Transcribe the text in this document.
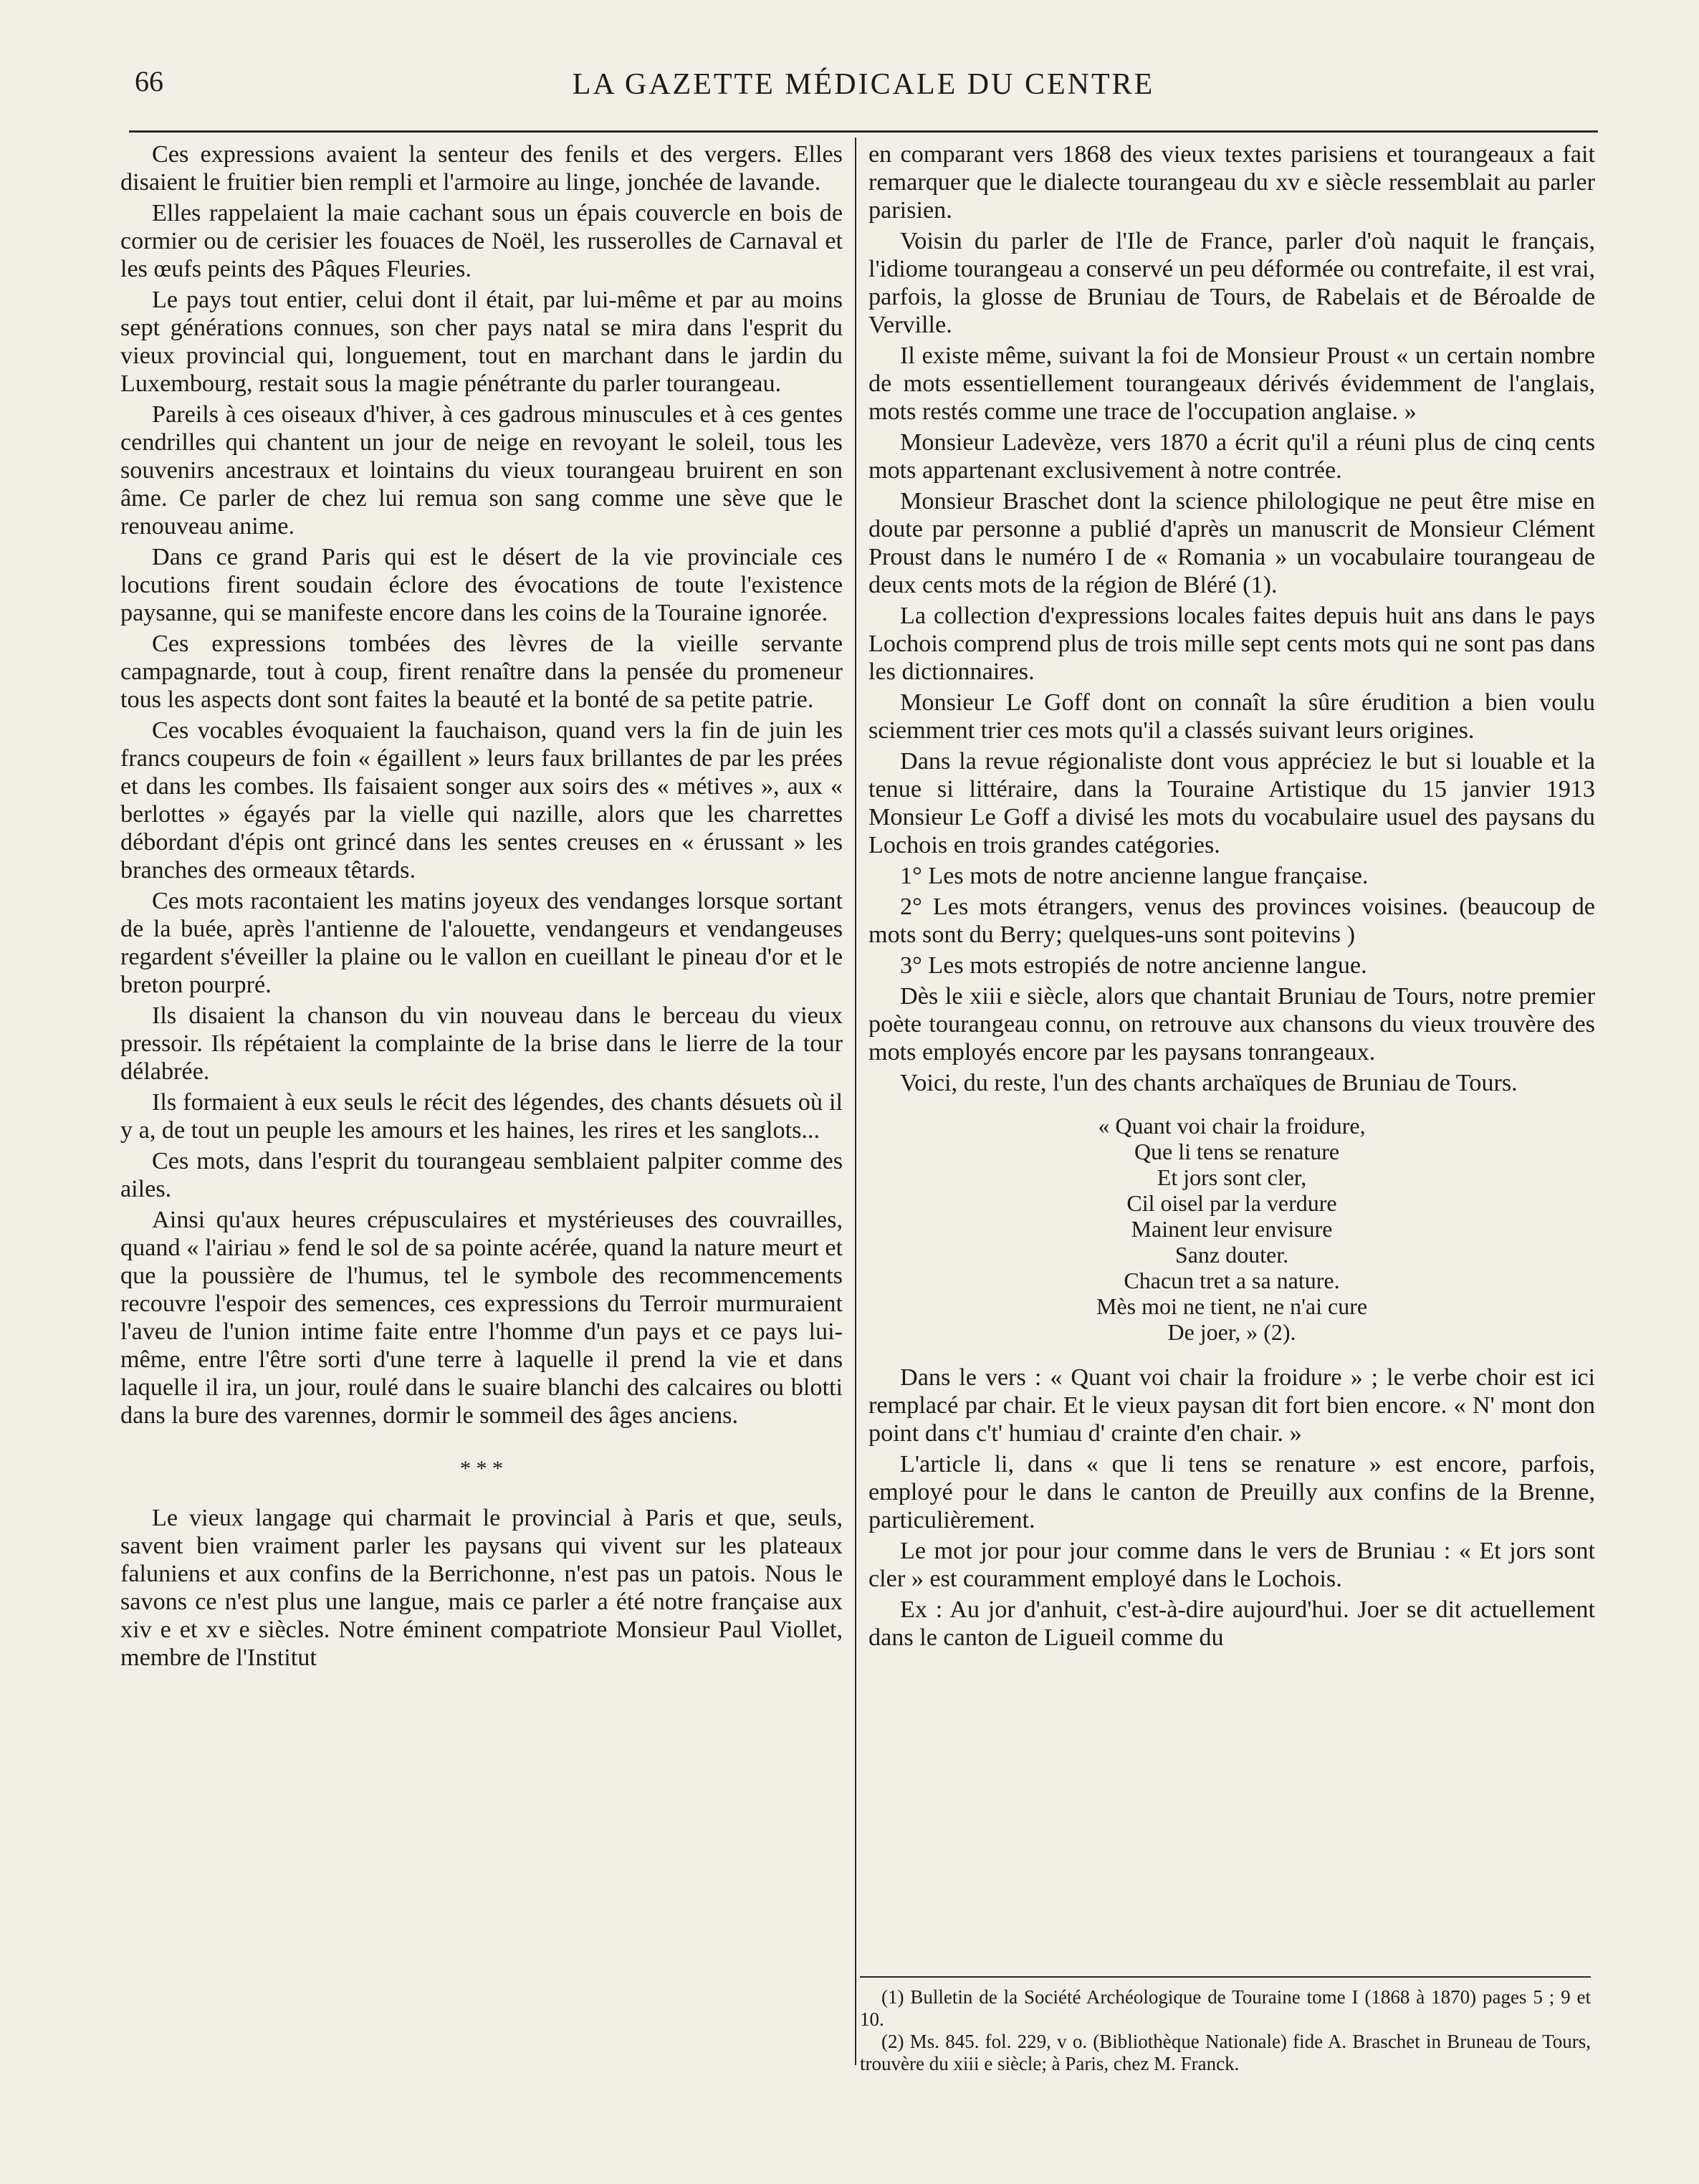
66	LA GAZETTE MÉDICALE DU CENTRE

Ces expressions avaient la senteur des fenils et des vergers. Elles disaient le fruitier bien rempli et l'armoire au linge, jonchée de lavande.

Elles rappelaient la maie cachant sous un épais couvercle en bois de cormier ou de cerisier les fouaces de Noël, les russerolles de Carnaval et les œufs peints des Pâques Fleuries.

Le pays tout entier, celui dont il était, par lui-même et par au moins sept générations connues, son cher pays natal se mira dans l'esprit du vieux provincial qui, longuement, tout en marchant dans le jardin du Luxembourg, restait sous la magie pénétrante du parler tourangeau.

Pareils à ces oiseaux d'hiver, à ces gadrous minuscules et à ces gentes cendrilles qui chantent un jour de neige en revoyant le soleil, tous les souvenirs ancestraux et lointains du vieux tourangeau bruirent en son âme. Ce parler de chez lui remua son sang comme une sève que le renouveau anime.

Dans ce grand Paris qui est le désert de la vie provinciale ces locutions firent soudain éclore des évocations de toute l'existence paysanne, qui se manifeste encore dans les coins de la Touraine ignorée.

Ces expressions tombées des lèvres de la vieille servante campagnarde, tout à coup, firent renaître dans la pensée du promeneur tous les aspects dont sont faites la beauté et la bonté de sa petite patrie.

Ces vocables évoquaient la fauchaison, quand vers la fin de juin les francs coupeurs de foin « égaillent » leurs faux brillantes de par les prées et dans les combes. Ils faisaient songer aux soirs des « métives », aux « berlottes » égayés par la vielle qui nazille, alors que les charrettes débordant d'épis ont grincé dans les sentes creuses en « érussant » les branches des ormeaux têtards.

Ces mots racontaient les matins joyeux des vendanges lorsque sortant de la buée, après l'antienne de l'alouette, vendangeurs et vendangeuses regardent s'éveiller la plaine ou le vallon en cueillant le pineau d'or et le breton pourpré.

Ils disaient la chanson du vin nouveau dans le berceau du vieux pressoir. Ils répétaient la complainte de la brise dans le lierre de la tour délabrée.

Ils formaient à eux seuls le récit des légendes, des chants désuets où il y a, de tout un peuple les amours et les haines, les rires et les sanglots...

Ces mots, dans l'esprit du tourangeau semblaient palpiter comme des ailes.

Ainsi qu'aux heures crépusculaires et mystérieuses des couvrailles, quand « l'airiau » fend le sol de sa pointe acérée, quand la nature meurt et que la poussière de l'humus, tel le symbole des recommencements recouvre l'espoir des semences, ces expressions du Terroir murmuraient l'aveu de l'union intime faite entre l'homme d'un pays et ce pays lui-même, entre l'être sorti d'une terre à laquelle il prend la vie et dans laquelle il ira, un jour, roulé dans le suaire blanchi des calcaires ou blotti dans la bure des varennes, dormir le sommeil des âges anciens.

* * *

Le vieux langage qui charmait le provincial à Paris et que, seuls, savent bien vraiment parler les paysans qui vivent sur les plateaux faluniens et aux confins de la Berrichonne, n'est pas un patois. Nous le savons ce n'est plus une langue, mais ce parler a été notre française aux xiv e et xv e siècles. Notre éminent compatriote Monsieur Paul Viollet, membre de l'Institut

en comparant vers 1868 des vieux textes parisiens et tourangeaux a fait remarquer que le dialecte tourangeau du xv e siècle ressemblait au parler parisien.

Voisin du parler de l'Ile de France, parler d'où naquit le français, l'idiome tourangeau a conservé un peu déformée ou contrefaite, il est vrai, parfois, la glosse de Bruniau de Tours, de Rabelais et de Béroalde de Verville.

Il existe même, suivant la foi de Monsieur Proust « un certain nombre de mots essentiellement tourangeaux dérivés évidemment de l'anglais, mots restés comme une trace de l'occupation anglaise. »

Monsieur Ladevèze, vers 1870 a écrit qu'il a réuni plus de cinq cents mots appartenant exclusivement à notre contrée.

Monsieur Braschet dont la science philologique ne peut être mise en doute par personne a publié d'après un manuscrit de Monsieur Clément Proust dans le numéro I de « Romania » un vocabulaire tourangeau de deux cents mots de la région de Bléré (1).

La collection d'expressions locales faites depuis huit ans dans le pays Lochois comprend plus de trois mille sept cents mots qui ne sont pas dans les dictionnaires.

Monsieur Le Goff dont on connaît la sûre érudition a bien voulu sciemment trier ces mots qu'il a classés suivant leurs origines.

Dans la revue régionaliste dont vous appréciez le but si louable et la tenue si littéraire, dans la Touraine Artistique du 15 janvier 1913 Monsieur Le Goff a divisé les mots du vocabulaire usuel des paysans du Lochois en trois grandes catégories.

1° Les mots de notre ancienne langue française.

2° Les mots étrangers, venus des provinces voisines. (beaucoup de mots sont du Berry; quelques-uns sont poitevins )

3° Les mots estropiés de notre ancienne langue.

Dès le xiii e siècle, alors que chantait Bruniau de Tours, notre premier poète tourangeau connu, on retrouve aux chansons du vieux trouvère des mots employés encore par les paysans tonrangeaux.

Voici, du reste, l'un des chants archaïques de Bruniau de Tours.

« Quant voi chair la froidure,
Que li tens se renature
Et jors sont cler,
Cil oisel par la verdure
Mainent leur envisure
Sanz douter.
Chacun tret a sa nature.
Mès moi ne tient, ne n'ai cure
De joer, » (2).

Dans le vers : « Quant voi chair la froidure » ; le verbe choir est ici remplacé par chair. Et le vieux paysan dit fort bien encore. « N' mont don point dans c't' humiau d' crainte d'en chair. »

L'article li, dans « que li tens se renature » est encore, parfois, employé pour le dans le canton de Preuilly aux confins de la Brenne, particulièrement.

Le mot jor pour jour comme dans le vers de Bruniau : « Et jors sont cler » est couramment employé dans le Lochois.

Ex : Au jor d'anhuit, c'est-à-dire aujourd'hui. Joer se dit actuellement dans le canton de Ligueil comme du

(1) Bulletin de la Société Archéologique de Touraine tome I (1868 à 1870) pages 5 ; 9 et 10.

(2) Ms. 845. fol. 229, v o. (Bibliothèque Nationale) fide A. Braschet in Bruneau de Tours, trouvère du xiii e siècle; à Paris, chez M. Franck.
